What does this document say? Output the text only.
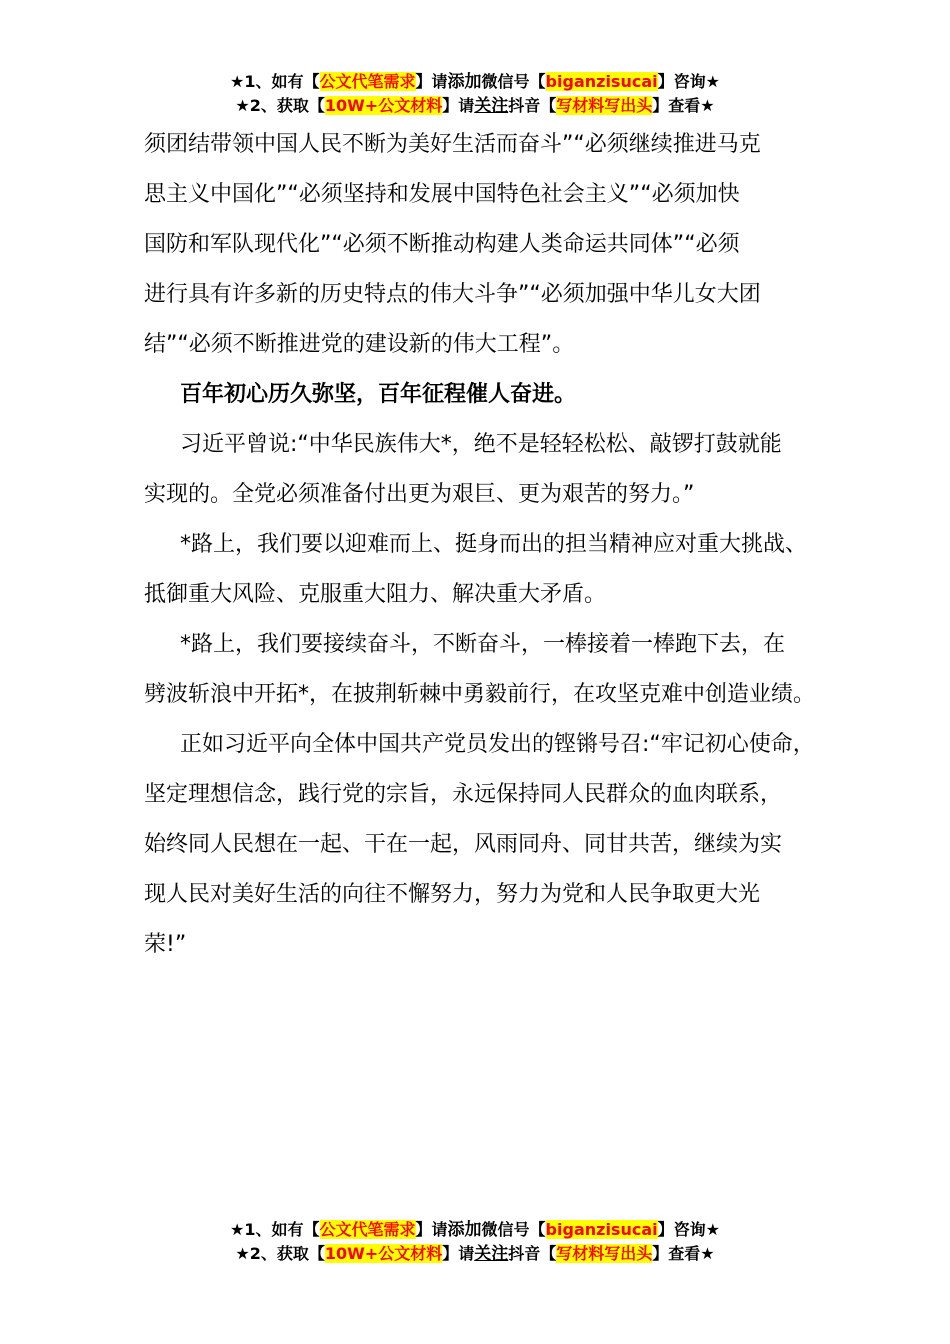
★1、如有【公文代笔需求】请添加微信号【biganzisucai】咨询★
★2、获取【10W+公文材料】请关注抖音【写材料写出头】查看★
须团结带领中国人民不断为美好生活而奋斗”“必须继续推进马克
思主义中国化”“必须坚持和发展中国特色社会主义”“必须加快
国防和军队现代化”“必须不断推动构建人类命运共同体”“必须
进行具有许多新的历史特点的伟大斗争”“必须加强中华儿女大团
结”“必须不断推进党的建设新的伟大工程”。
百年初心历久弥坚，百年征程催人奋进。
习近平曾说:“中华民族伟大*，绝不是轻轻松松、敲锣打鼓就能
实现的。全党必须准备付出更为艰巨、更为艰苦的努力。”
*路上，我们要以迎难而上、挺身而出的担当精神应对重大挑战、
抵御重大风险、克服重大阻力、解决重大矛盾。
*路上，我们要接续奋斗，不断奋斗，一棒接着一棒跑下去，在
劈波斩浪中开拓*，在披荆斩棘中勇毅前行，在攻坚克难中创造业绩。
正如习近平向全体中国共产党员发出的铿锵号召:“牢记初心使命，
坚定理想信念，践行党的宗旨，永远保持同人民群众的血肉联系，
始终同人民想在一起、干在一起，风雨同舟、同甘共苦，继续为实
现人民对美好生活的向往不懈努力，努力为党和人民争取更大光
荣!”
★1、如有【公文代笔需求】请添加微信号【biganzisucai】咨询★
★2、获取【10W+公文材料】请关注抖音【写材料写出头】查看★
